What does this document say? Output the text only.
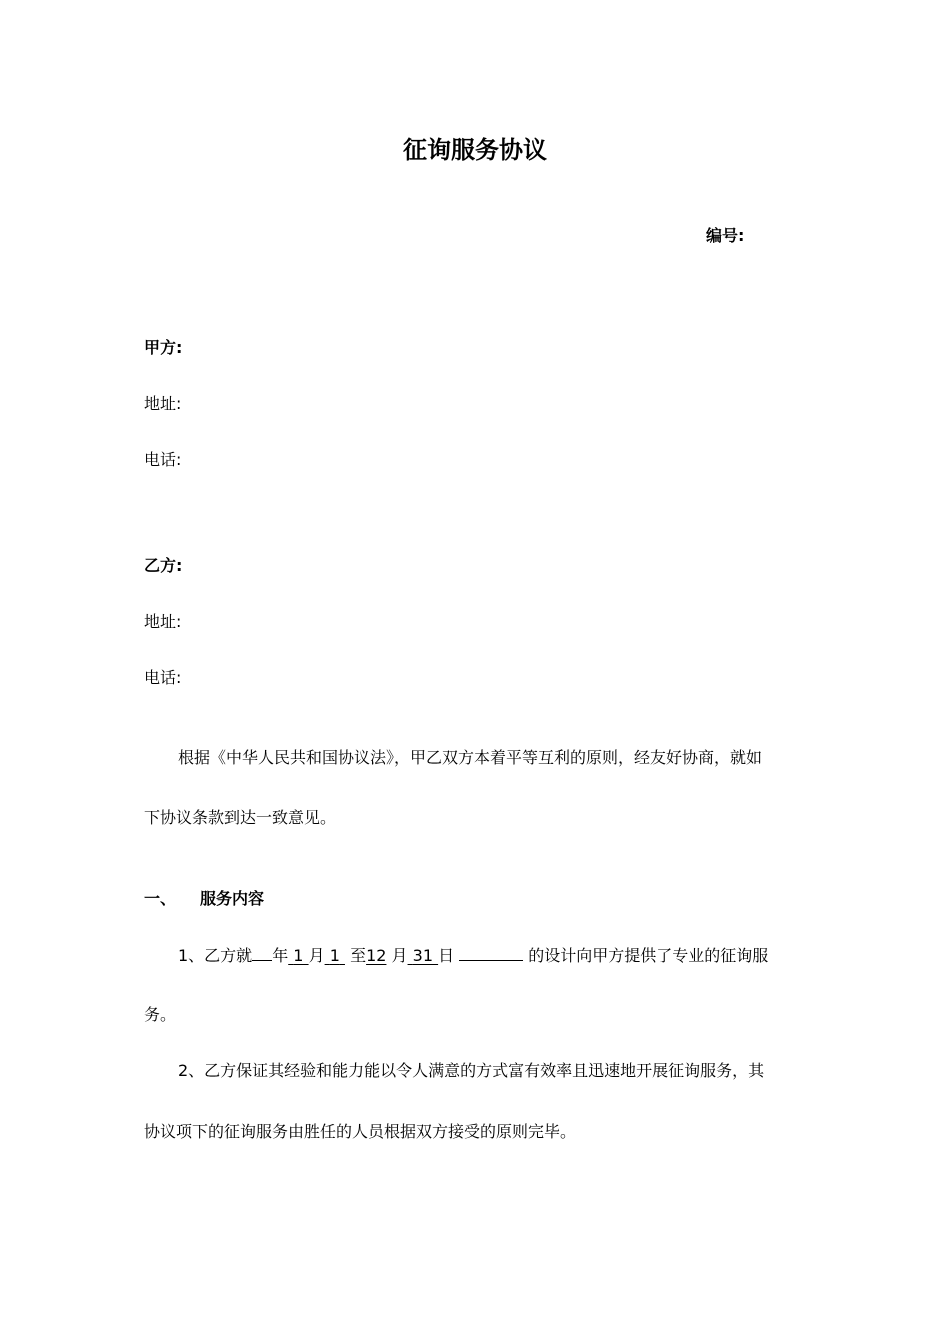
征询服务协议
编号:
甲方:
地址:
电话:
乙方:
地址:
电话:
根据《中华人民共和国协议法》，甲乙双方本着平等互利的原则，经友好协商，就如
下协议条款到达一致意见。
一、 服务内容
1、乙方就 年 1 月 1 至12 月 31 日	的设计向甲方提供了专业的征询服
务。
2、乙方保证其经验和能力能以令人满意的方式富有效率且迅速地开展征询服务，其
协议项下的征询服务由胜任的人员根据双方接受的原则完毕。
